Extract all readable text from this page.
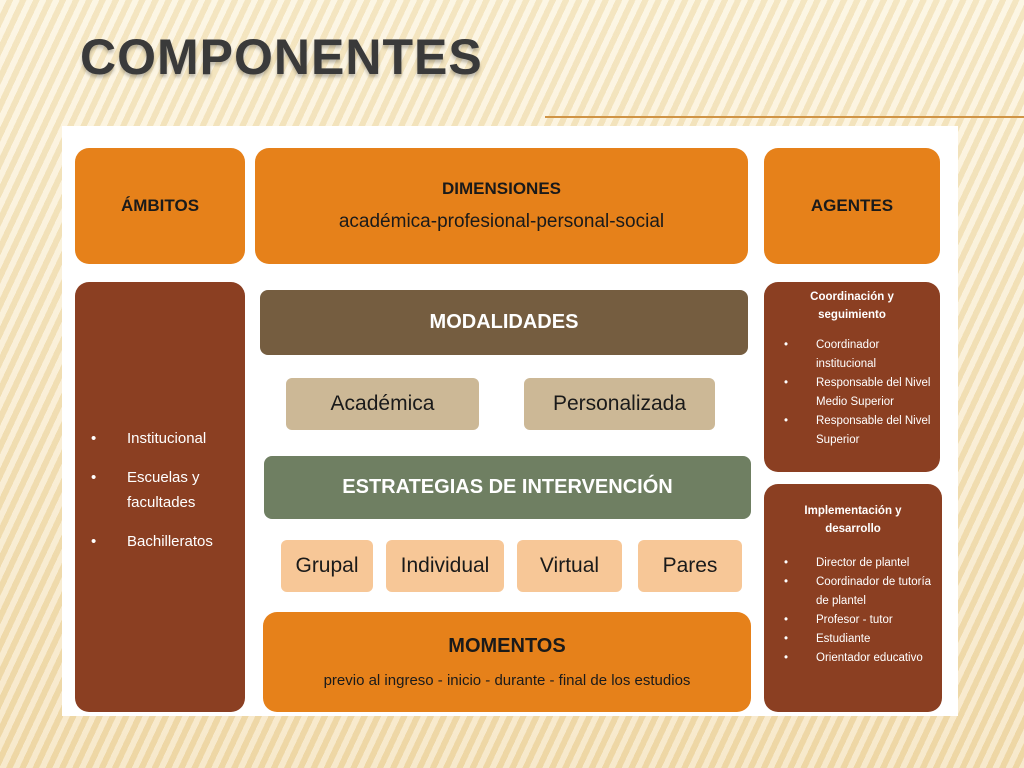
COMPONENTES
ÁMBITOS
• Institucional
• Escuelas y facultades
• Bachilleratos
DIMENSIONES
académica-profesional-personal-social
MODALIDADES
Académica	Personalizada
ESTRATEGIAS DE INTERVENCIÓN
Grupal Individual Virtual	Pares
MOMENTOS
previo al ingreso - inicio - durante - final de los estudios
AGENTES
Coordinación y seguimiento
• Coordinador institucional
• Responsable del Nivel Medio Superior
• Responsable del Nivel Superior
Implementación y desarrollo
• Director de plantel
• Coordinador de tutoría de plantel
• Profesor - tutor
• Estudiante
• Orientador educativo
